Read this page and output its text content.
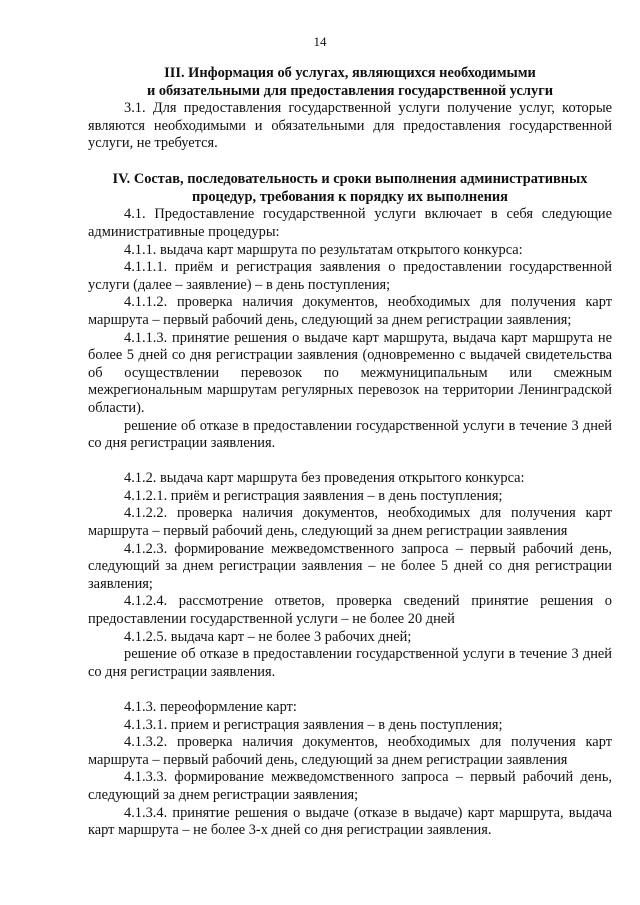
14

III. Информация об услугах, являющихся необходимыми

и обязательными для предоставления государственной услуги

3.1. Для предоставления государственной услуги получение услуг, которые являются необходимыми и обязательными для предоставления государственной услуги, не требуется.

IV. Состав, последовательность и сроки выполнения административных

процедур, требования к порядку их выполнения

4.1. Предоставление государственной услуги включает в себя следующие административные процедуры:

4.1.1. выдача карт маршрута по результатам открытого конкурса:

4.1.1.1. приём и регистрация заявления о предоставлении государственной услуги (далее – заявление) – в день поступления;

4.1.1.2. проверка наличия документов, необходимых для получения карт маршрута – первый рабочий день, следующий за днем регистрации заявления;

4.1.1.3. принятие решения о выдаче карт маршрута, выдача карт маршрута не более 5 дней со дня регистрации заявления (одновременно с выдачей свидетельства об осуществлении перевозок по межмуниципальным или смежным межрегиональным маршрутам регулярных перевозок на территории Ленинградской области).

решение об отказе в предоставлении государственной услуги в течение 3 дней со дня регистрации заявления.

4.1.2. выдача карт маршрута без проведения открытого конкурса:

4.1.2.1. приём и регистрация заявления – в день поступления;

4.1.2.2. проверка наличия документов, необходимых для получения карт маршрута – первый рабочий день, следующий за днем регистрации заявления

4.1.2.3. формирование межведомственного запроса – первый рабочий день, следующий за днем регистрации заявления – не более 5 дней со дня регистрации заявления;

4.1.2.4. рассмотрение ответов, проверка сведений принятие решения о предоставлении государственной услуги – не более 20 дней

4.1.2.5. выдача карт – не более 3 рабочих дней;

решение об отказе в предоставлении государственной услуги в течение 3 дней со дня регистрации заявления.

4.1.3. переоформление карт:

4.1.3.1. прием и регистрация заявления – в день поступления;

4.1.3.2. проверка наличия документов, необходимых для получения карт маршрута – первый рабочий день, следующий за днем регистрации заявления

4.1.3.3. формирование межведомственного запроса – первый рабочий день, следующий за днем регистрации заявления;

4.1.3.4. принятие решения о выдаче (отказе в выдаче) карт маршрута, выдача карт маршрута – не более 3-х дней со дня регистрации заявления.
